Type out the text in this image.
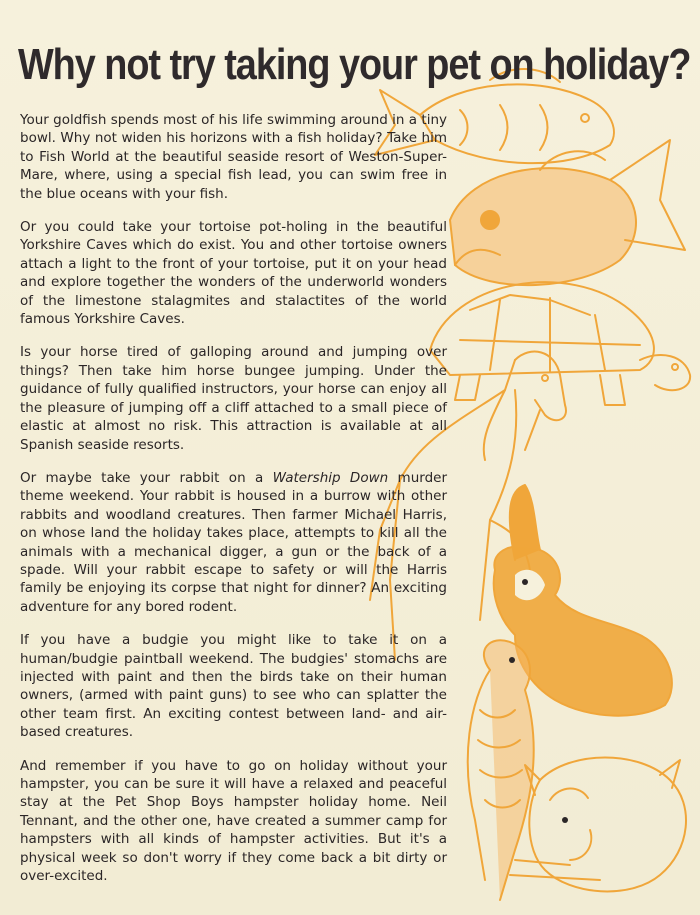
Why not try taking your pet on holiday?

Your goldfish spends most of his life swimming around in a tiny bowl. Why not widen his horizons with a fish holiday? Take him to Fish World at the beautiful seaside resort of Weston-Super-Mare, where, using a special fish lead, you can swim free in the blue oceans with your fish.

Or you could take your tortoise pot-holing in the beautiful Yorkshire Caves which do exist. You and other tortoise owners attach a light to the front of your tortoise, put it on your head and explore together the wonders of the underworld wonders of the limestone stalagmites and stalactites of the world famous Yorkshire Caves.

Is your horse tired of galloping around and jumping over things? Then take him horse bungee jumping. Under the guidance of fully qualified instructors, your horse can enjoy all the pleasure of jumping off a cliff attached to a small piece of elastic at almost no risk. This attraction is available at all Spanish seaside resorts.

Or maybe take your rabbit on a Watership Down murder theme weekend. Your rabbit is housed in a burrow with other rabbits and woodland creatures. Then farmer Michael Harris, on whose land the holiday takes place, attempts to kill all the animals with a mechanical digger, a gun or the back of a spade. Will your rabbit escape to safety or will the Harris family be enjoying its corpse that night for dinner? An exciting adventure for any bored rodent.

If you have a budgie you might like to take it on a human/budgie paintball weekend. The budgies' stomachs are injected with paint and then the birds take on their human owners, (armed with paint guns) to see who can splatter the other team first. An exciting contest between land- and air-based creatures.

And remember if you have to go on holiday without your hampster, you can be sure it will have a relaxed and peaceful stay at the Pet Shop Boys hampster holiday home. Neil Tennant, and the other one, have created a summer camp for hampsters with all kinds of hampster activities. But it's a physical week so don't worry if they come back a bit dirty or over-excited.
